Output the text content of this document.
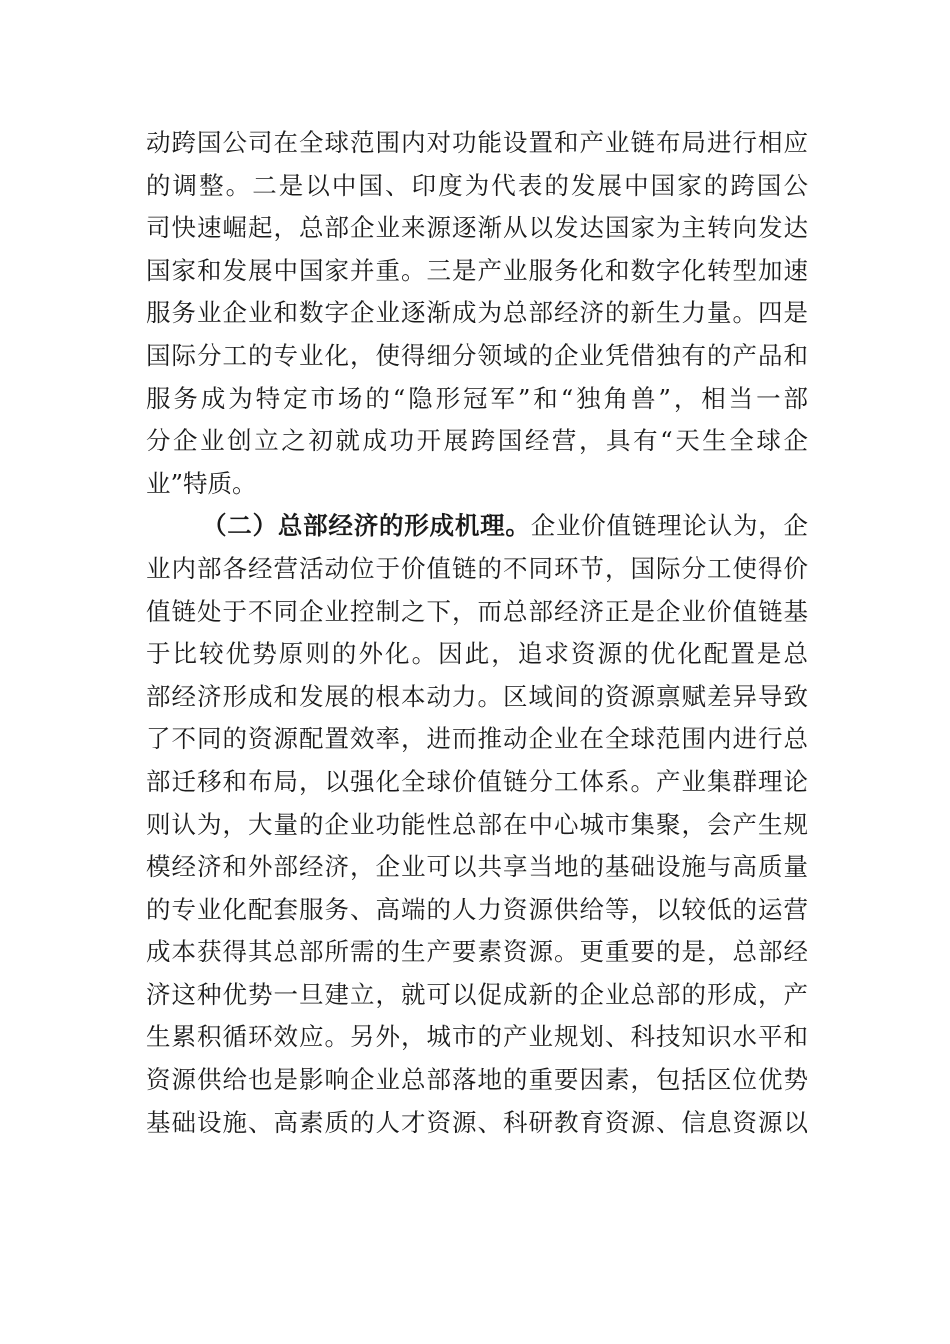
动跨国公司在全球范围内对功能设置和产业链布局进行相应
的调整。二是以中国、印度为代表的发展中国家的跨国公
司快速崛起，总部企业来源逐渐从以发达国家为主转向发达
国家和发展中国家并重。三是产业服务化和数字化转型加速
服务业企业和数字企业逐渐成为总部经济的新生力量。四是
国际分工的专业化，使得细分领域的企业凭借独有的产品和
服务成为特定市场的“隐形冠军”和“独角兽”，相当一部
分企业创立之初就成功开展跨国经营，具有“天生全球企
业”特质。
（二）总部经济的形成机理。企业价值链理论认为，企
业内部各经营活动位于价值链的不同环节，国际分工使得价
值链处于不同企业控制之下，而总部经济正是企业价值链基
于比较优势原则的外化。因此，追求资源的优化配置是总
部经济形成和发展的根本动力。区域间的资源禀赋差异导致
了不同的资源配置效率，进而推动企业在全球范围内进行总
部迁移和布局，以强化全球价值链分工体系。产业集群理论
则认为，大量的企业功能性总部在中心城市集聚，会产生规
模经济和外部经济，企业可以共享当地的基础设施与高质量
的专业化配套服务、高端的人力资源供给等，以较低的运营
成本获得其总部所需的生产要素资源。更重要的是，总部经
济这种优势一旦建立，就可以促成新的企业总部的形成，产
生累积循环效应。另外，城市的产业规划、科技知识水平和
资源供给也是影响企业总部落地的重要因素，包括区位优势
基础设施、高素质的人才资源、科研教育资源、信息资源以
